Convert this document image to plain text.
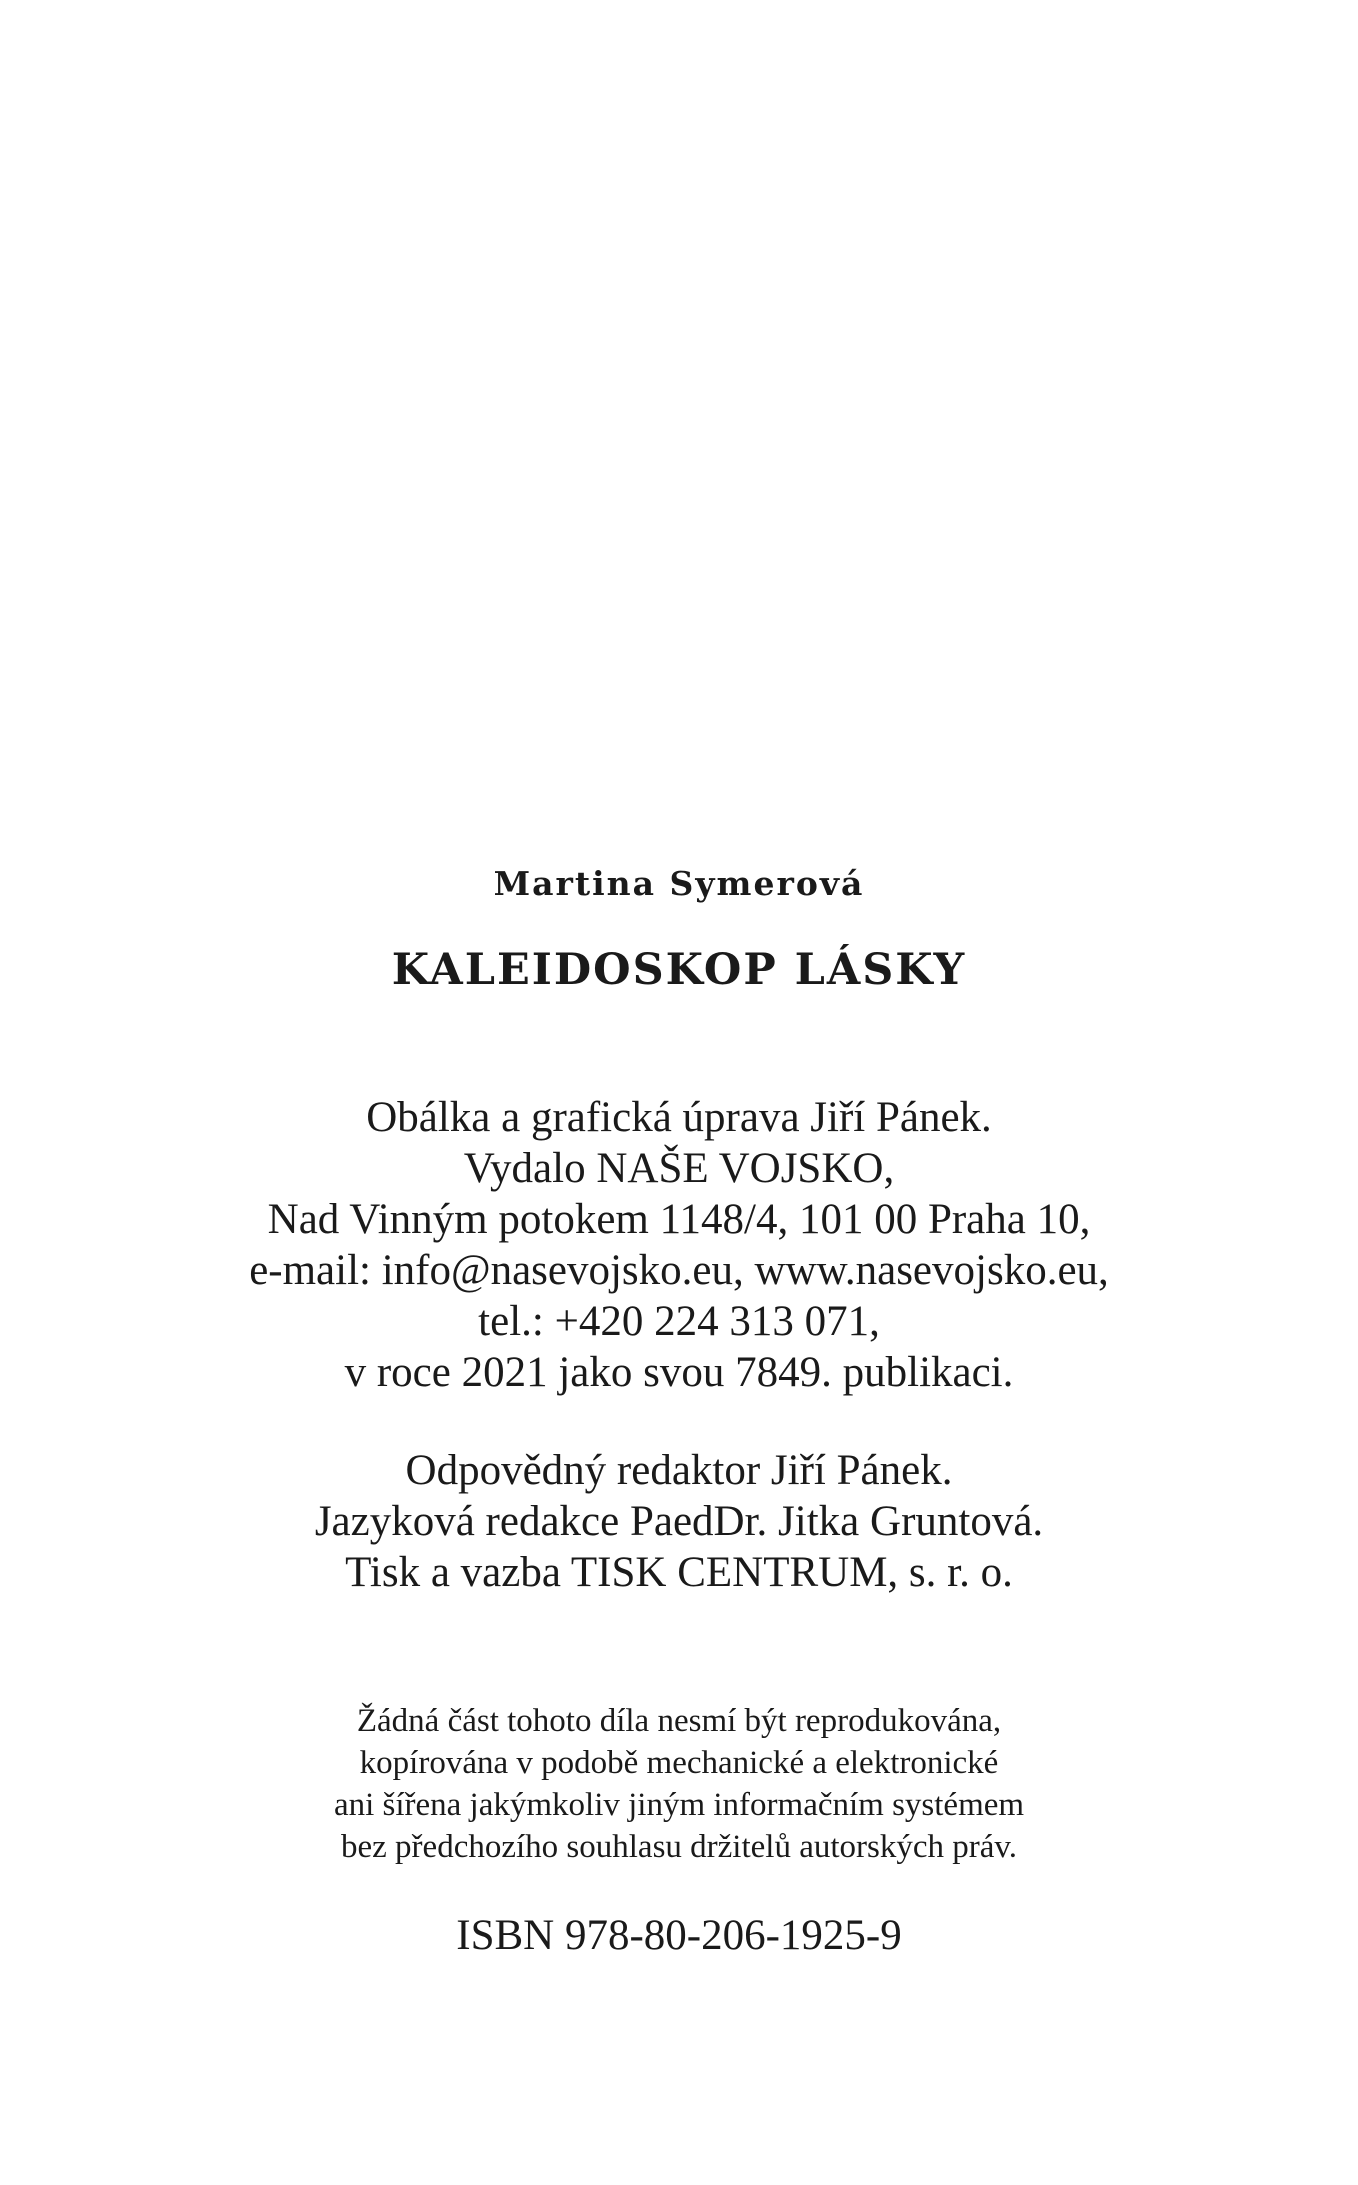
Martina Symerová
KALEIDOSKOP LÁSKY
Obálka a grafická úprava Jiří Pánek.
Vydalo NAŠE VOJSKO,
Nad Vinným potokem 1148/4, 101 00 Praha 10,
e-mail: info@nasevojsko.eu, www.nasevojsko.eu,
tel.: +420 224 313 071,
v roce 2021 jako svou 7849. publikaci.
Odpovědný redaktor Jiří Pánek.
Jazyková redakce PaedDr. Jitka Gruntová.
Tisk a vazba TISK CENTRUM, s. r. o.
Žádná část tohoto díla nesmí být reprodukována,
kopírována v podobě mechanické a elektronické
ani šířena jakýmkoliv jiným informačním systémem
bez předchozího souhlasu držitelů autorských práv.
ISBN 978-80-206-1925-9
